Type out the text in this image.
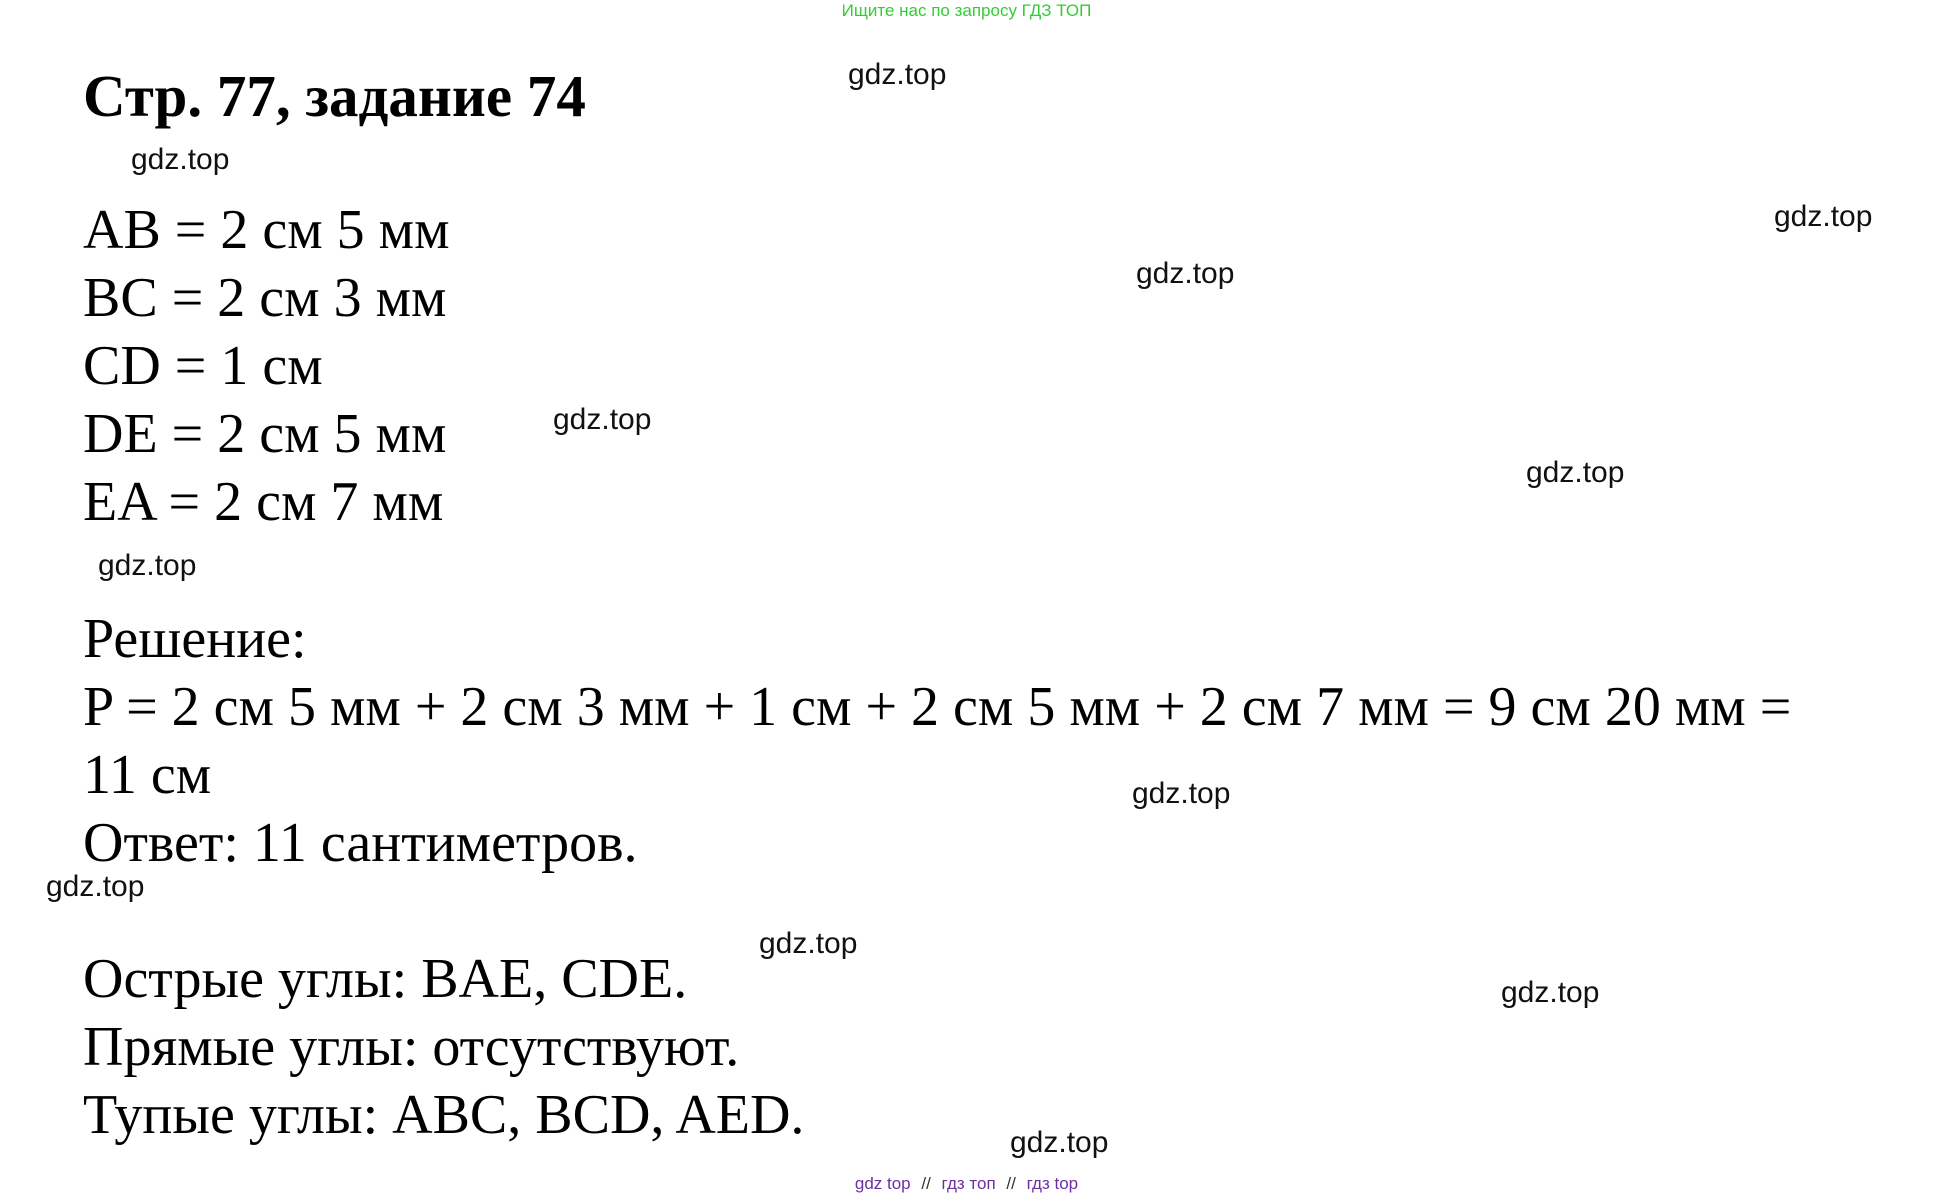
Ищите нас по запросу ГДЗ ТОП
Стр. 77, задание 74
AB = 2 см 5 мм
BC = 2 см 3 мм
CD = 1 см
DE = 2 см 5 мм
EA = 2 см 7 мм
Решение:
P = 2 см 5 мм + 2 см 3 мм + 1 см + 2 см 5 мм + 2 см 7 мм = 9 см 20 мм =
11 см
Ответ: 11 сантиметров.
Острые углы: BAE, CDE.
Прямые углы: отсутствуют.
Тупые углы: ABC, BCD, AED.
gdz.top
gdz.top
gdz.top
gdz.top
gdz.top
gdz.top
gdz.top
gdz.top
gdz.top
gdz.top
gdz.top
gdz.top
gdz top // гдз топ // гдз top
